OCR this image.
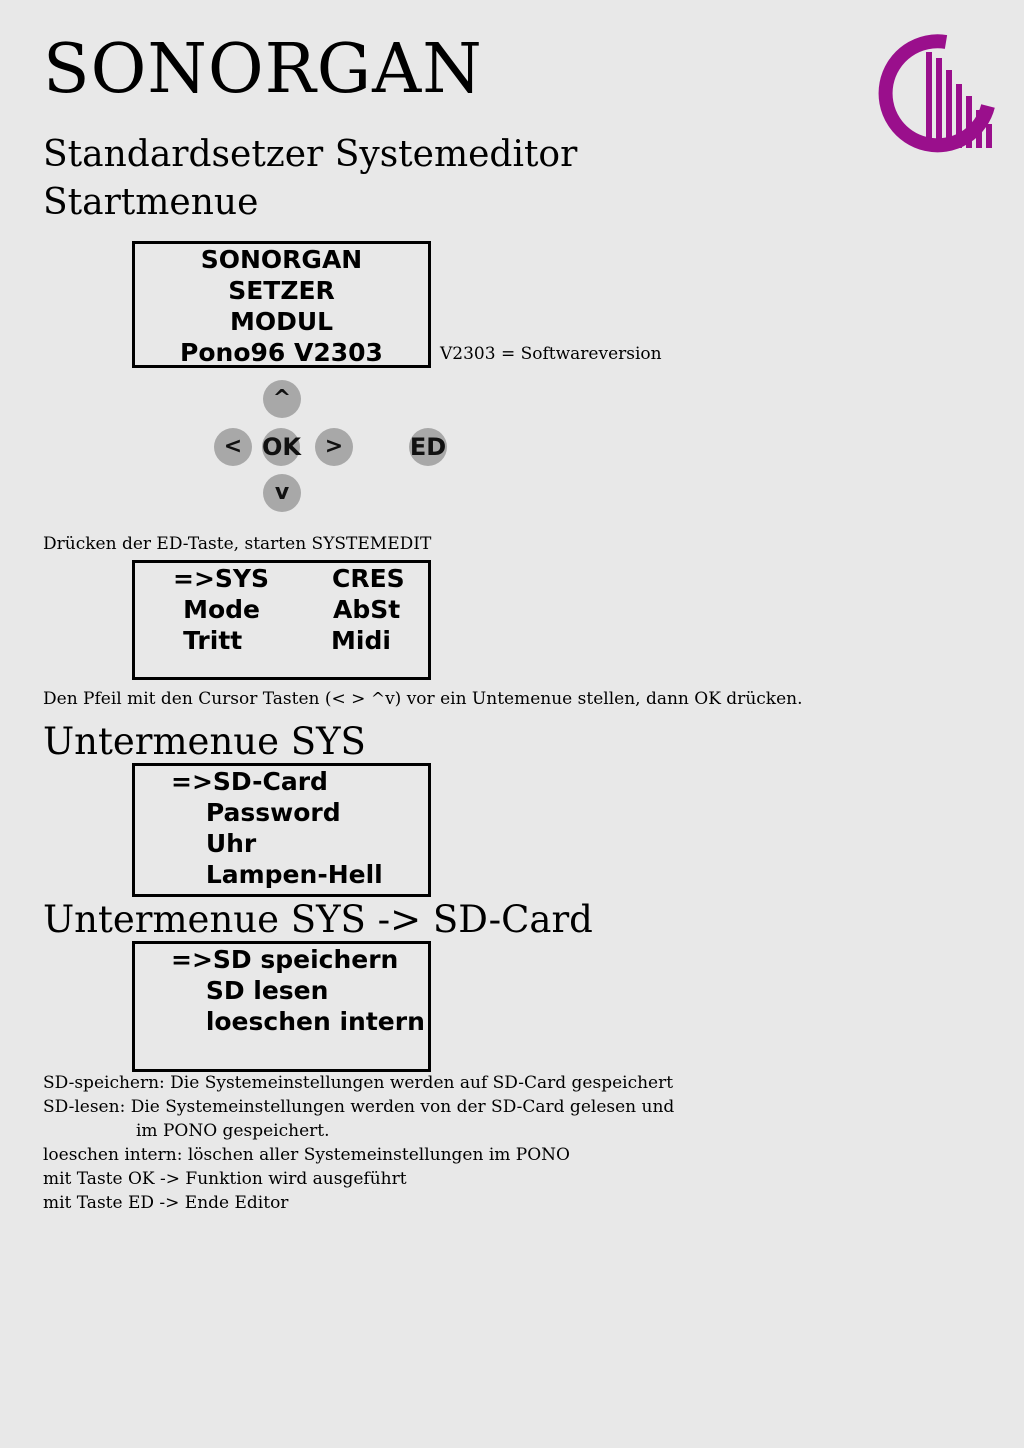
SONORGAN
Standardsetzer Systemeditor
Startmenue
SONORGAN
SETZER
MODUL
Pono96 V2303	V2303 = Softwareversion
^
< OK	>	ED
v
Drücken der ED-Taste, starten SYSTEMEDIT
=>SYS	CRES
Mode	AbSt
Tritt	Midi
Den Pfeil mit den Cursor Tasten (< > ^v) vor ein Untemenue stellen, dann OK drücken.
Untermenue SYS
=>SD-Card
Password
Uhr
Lampen-Hell
Untermenue SYS -> SD-Card
=>SD speichern
SD lesen
loeschen intern
SD-speichern: Die Systemeinstellungen werden auf SD-Card gespeichert
SD-lesen: Die Systemeinstellungen werden von der SD-Card gelesen und
im PONO gespeichert.
loeschen intern: löschen aller Systemeinstellungen im PONO
mit Taste OK -> Funktion wird ausgeführt
mit Taste ED -> Ende Editor
